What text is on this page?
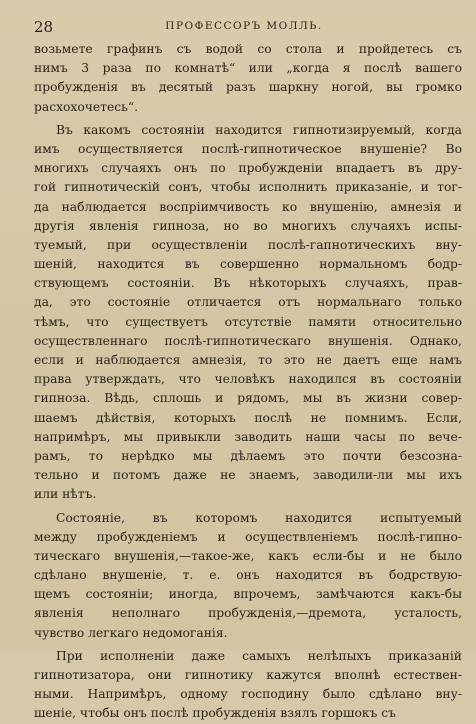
28	ПРОФЕССОРЪ МОЛЛЬ.
возьмете графинъ съ водой со стола и пройдетесь съ
нимъ 3 раза по комнатѣ“ или „когда я послѣ вашего
пробужденія въ десятый разъ шаркну ногой, вы громко
расхохочетесь“.
Въ какомъ состояніи находится гипнотизируемый, когда
имъ осуществляется послѣ-гипнотическое внушеніе? Во
многихъ случаяхъ онъ по пробужденіи впадаетъ въ дру-
гой гипнотическій сонъ, чтобы исполнить приказаніе, и тог-
да наблюдается воспріимчивость ко внушенію, амнезія и
другія явленія гипноза, но во многихъ случаяхъ испы-
туемый, при осуществленіи послѣ-гапнотическихъ вну-
шеній, находится въ совершенно нормальномъ бодр-
ствующемъ состояніи. Въ нѣкоторыхъ случаяхъ, прав-
да, это состояніе отличается отъ нормальнаго только
тѣмъ, что существуетъ отсутствіе памяти относительно
осуществленнаго послѣ-гипнотическаго внушенія. Однако,
если и наблюдается амнезія, то это не даетъ еще намъ
права утверждать, что человѣкъ находился въ состояніи
гипноза. Вѣдь, сплошь и рядомъ, мы въ жизни совер-
шаемъ дѣйствія, которыхъ послѣ не помнимъ. Если,
напримѣръ, мы привыкли заводить наши часы по вече-
рамъ, то нерѣдко мы дѣлаемъ это почти безсозна-
тельно и потомъ даже не знаемъ, заводили-ли мы ихъ
или нѣтъ.
Состояніе, въ которомъ находится испытуемый
между пробужденіемъ и осуществленіемъ послѣ-гипно-
тическаго внушенія,—такое-же, какъ если-бы и не было
сдѣлано внушеніе, т. е. онъ находится въ бодрствую-
щемъ состояніи; иногда, впрочемъ, замѣчаются какъ-бы
явленія неполнаго пробужденія,—дремота, усталость,
чувство легкаго недомоганія.
При исполненіи даже самыхъ нелѣпыхъ приказаній
гипнотизатора, они гипнотику кажутся вполнѣ естествен-
ными. Напримѣръ, одному господину было сдѣлано вну-
шеніе, чтобы онъ послѣ пробужденія взялъ горшокъ съ
